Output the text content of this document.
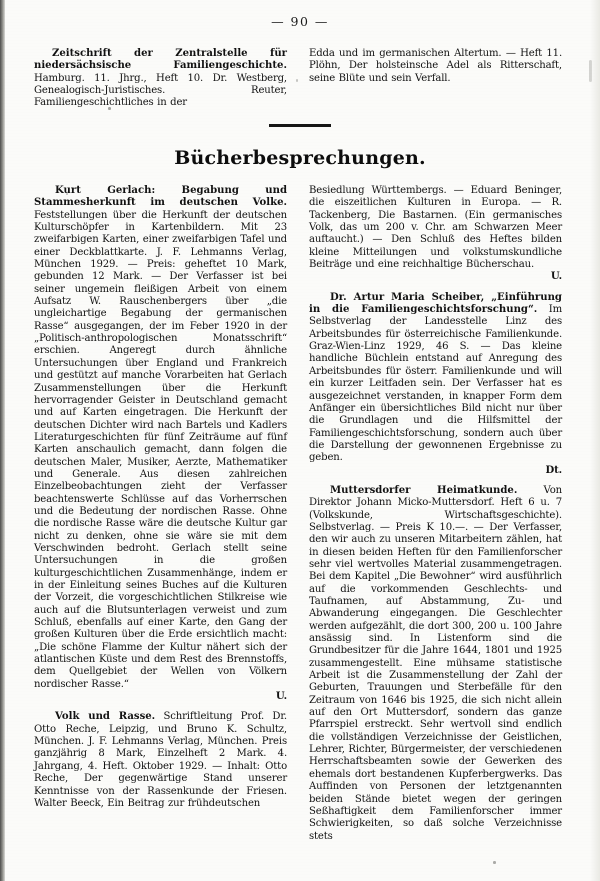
— 90 —

Zeitschrift der Zentralstelle für niedersächsische Familiengeschichte. Hamburg. 11. Jhrg., Heft 10. Dr. Westberg, Genealogisch-Juristisches. Reuter, Familiengeschichtliches in der

Edda und im germanischen Altertum. — Heft 11. Plöhn, Der holsteinsche Adel als Ritterschaft, seine Blüte und sein Verfall.

Bücherbesprechungen.

Kurt Gerlach: Begabung und Stammesherkunft im deutschen Volke. Feststellungen über die Herkunft der deutschen Kulturschöpfer in Kartenbildern. Mit 23 zweifarbigen Karten, einer zweifarbigen Tafel und einer Deckblattkarte. J. F. Lehmanns Verlag, München 1929. — Preis: geheftet 10 Mark, gebunden 12 Mark. — Der Verfasser ist bei seiner ungemein fleißigen Arbeit von einem Aufsatz W. Rauschenbergers über „die ungleichartige Begabung der germanischen Rasse“ ausgegangen, der im Feber 1920 in der „Politisch-anthropologischen Monatsschrift“ erschien. Angeregt durch ähnliche Untersuchungen über England und Frankreich und gestützt auf manche Vorarbeiten hat Gerlach Zusammenstellungen über die Herkunft hervorragender Geister in Deutschland gemacht und auf Karten eingetragen. Die Herkunft der deutschen Dichter wird nach Bartels und Kadlers Literaturgeschichten für fünf Zeiträume auf fünf Karten anschaulich gemacht, dann folgen die deutschen Maler, Musiker, Aerzte, Mathematiker und Generale. Aus diesen zahlreichen Einzelbeobachtungen zieht der Verfasser beachtenswerte Schlüsse auf das Vorherrschen und die Bedeutung der nordischen Rasse. Ohne die nordische Rasse wäre die deutsche Kultur gar nicht zu denken, ohne sie wäre sie mit dem Verschwinden bedroht. Gerlach stellt seine Untersuchungen in die großen kulturgeschichtlichen Zusammenhänge, indem er in der Einleitung seines Buches auf die Kulturen der Vorzeit, die vorgeschichtlichen Stilkreise wie auch auf die Blutsunterlagen verweist und zum Schluß, ebenfalls auf einer Karte, den Gang der großen Kulturen über die Erde ersichtlich macht: „Die schöne Flamme der Kultur nähert sich der atlantischen Küste und dem Rest des Brennstoffs, dem Quellgebiet der Wellen von Völkern nordischer Rasse.“

U.

Volk und Rasse. Schriftleitung Prof. Dr. Otto Reche, Leipzig, und Bruno K. Schultz, München. J. F. Lehmanns Verlag, München. Preis ganzjährig 8 Mark, Einzelheft 2 Mark. 4. Jahrgang, 4. Heft. Oktober 1929. — Inhalt: Otto Reche, Der gegenwärtige Stand unserer Kenntnisse von der Rassenkunde der Friesen. Walter Beeck, Ein Beitrag zur frühdeutschen

Besiedlung Württembergs. — Eduard Beninger, die eiszeitlichen Kulturen in Europa. — R. Tackenberg, Die Bastarnen. (Ein germanisches Volk, das um 200 v. Chr. am Schwarzen Meer auftaucht.) — Den Schluß des Heftes bilden kleine Mitteilungen und volkstumskundliche Beiträge und eine reichhaltige Bücherschau.

U.

Dr. Artur Maria Scheiber, „Einführung in die Familiengeschichtsforschung“. Im Selbstverlag der Landesstelle Linz des Arbeitsbundes für österreichische Familienkunde. Graz-Wien-Linz 1929, 46 S. — Das kleine handliche Büchlein entstand auf Anregung des Arbeitsbundes für österr. Familienkunde und will ein kurzer Leitfaden sein. Der Verfasser hat es ausgezeichnet verstanden, in knapper Form dem Anfänger ein übersichtliches Bild nicht nur über die Grundlagen und die Hilfsmittel der Familiengeschichtsforschung, sondern auch über die Darstellung der gewonnenen Ergebnisse zu geben.

Dt.

Muttersdorfer Heimatkunde. Von Direktor Johann Micko-Muttersdorf. Heft 6 u. 7 (Volkskunde, Wirtschaftsgeschichte). Selbstverlag. — Preis K 10.—. — Der Verfasser, den wir auch zu unseren Mitarbeitern zählen, hat in diesen beiden Heften für den Familienforscher sehr viel wertvolles Material zusammengetragen. Bei dem Kapitel „Die Bewohner“ wird ausführlich auf die vorkommenden Geschlechts- und Taufnamen, auf Abstammung, Zu- und Abwanderung eingegangen. Die Geschlechter werden aufgezählt, die dort 300, 200 u. 100 Jahre ansässig sind. In Listenform sind die Grundbesitzer für die Jahre 1644, 1801 und 1925 zusammengestellt. Eine mühsame statistische Arbeit ist die Zusammenstellung der Zahl der Geburten, Trauungen und Sterbefälle für den Zeitraum von 1646 bis 1925, die sich nicht allein auf den Ort Muttersdorf, sondern das ganze Pfarrspiel erstreckt. Sehr wertvoll sind endlich die vollständigen Verzeichnisse der Geistlichen, Lehrer, Richter, Bürgermeister, der verschiedenen Herrschaftsbeamten sowie der Gewerken des ehemals dort bestandenen Kupferbergwerks. Das Auffinden von Personen der letztgenannten beiden Stände bietet wegen der geringen Seßhaftigkeit dem Familienforscher immer Schwierigkeiten, so daß solche Verzeichnisse stets
